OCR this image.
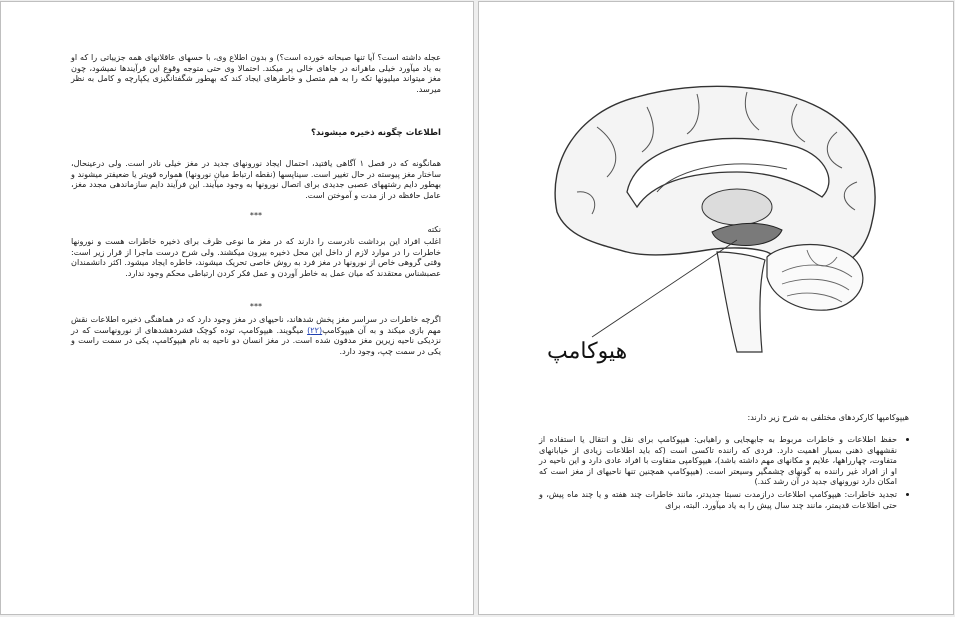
عجله داشته است؟ آیا تنها صبحانه خورده است؟) و بدون اطلاع وی، با حسهای عاقلانهای همه جزییاتی را که او به یاد میآورد خیلی ماهرانه در جاهای خالی پر میکند. احتمالا وی حتی متوجه وقوع این فرآیندها نمیشود، چون مغز میتواند میلیونها تکه را به هم متصل و خاطرهای ایجاد کند که بهطور شگفتانگیزی یکپارچه و کامل به نظر میرسد.
اطلاعات چگونه ذخیره میشوند؟
همانگونه که در فصل ۱ آگاهی یافتید، احتمال ایجاد نورونهای جدید در مغز خیلی نادر است. ولی درعینحال، ساختار مغز پیوسته در حال تغییر است. سیناپسها (نقطه ارتباط میان نورونها) همواره قویتر یا ضعیفتر میشوند و بهطور دایم رشتههای عصبی جدیدی برای اتصال نورونها به وجود میآیند. این فرآیند دایم سازماندهی مجدد مغز، عامل حافظه در از مدت و آموختن است.
***
نکته
اغلب افراد این برداشت نادرست را دارند که در مغز ما نوعی ظرف برای ذخیره خاطرات هست و نورونها خاطرات را در موارد لازم از داخل این محل ذخیره بیرون میکشند. ولی شرح درست ماجرا از قرار زیر است: وقتی گروهی خاص از نورونها در مغز فرد به روش خاصی تحریک میشوند، خاطره ایجاد میشود. اکثر دانشمندان عصبشناس معتقدند که میان عمل به خاطر آوردن و عمل فکر کردن ارتباطی محکم وجود ندارد.
***
اگرچه خاطرات در سراسر مغز پخش شدهاند، ناحیهای در مغز وجود دارد که در هماهنگی ذخیره اطلاعات نقش مهم بازی میکند و به آن هیپوکامپ(۲۲) میگویند. هیپوکامپ، توده کوچک فشردهشدهای از نورونهاست که در نزدیکی ناحیه زیرین مغز مدفون شده است. در مغز انسان دو ناحیه به نام هیپوکامپ، یکی در سمت راست و یکی در سمت چپ، وجود دارد.	هیوکامپ
هیپوکامپها کارکردهای مختلفی به شرح زیر دارند:
• حفظ اطلاعات و خاطرات مربوط به جابهجایی و راهیابی: هیپوکامپ برای نقل و انتقال یا استفاده از نقشههای ذهنی بسیار اهمیت دارد. فردی که راننده تاکسی است (که باید اطلاعات زیادی از خیابانهای متفاوت، چهارراهها، علایم و مکانهای مهم داشته باشد)، هیپوکامپی متفاوت با افراد عادی دارد و این ناحیه در او از افراد غیر راننده به گونهای چشمگیر وسیعتر است. (هیپوکامپ همچنین تنها ناحیهای از مغز است که امکان دارد نورونهای جدید در آن رشد کند.)
• تجدید خاطرات: هیپوکامپ اطلاعات درازمدت نسبتا جدیدتر، مانند خاطرات چند هفته و یا چند ماه پیش، و حتی اطلاعات قدیمتر، مانند چند سال پیش را به یاد میآورد. البته، برای
